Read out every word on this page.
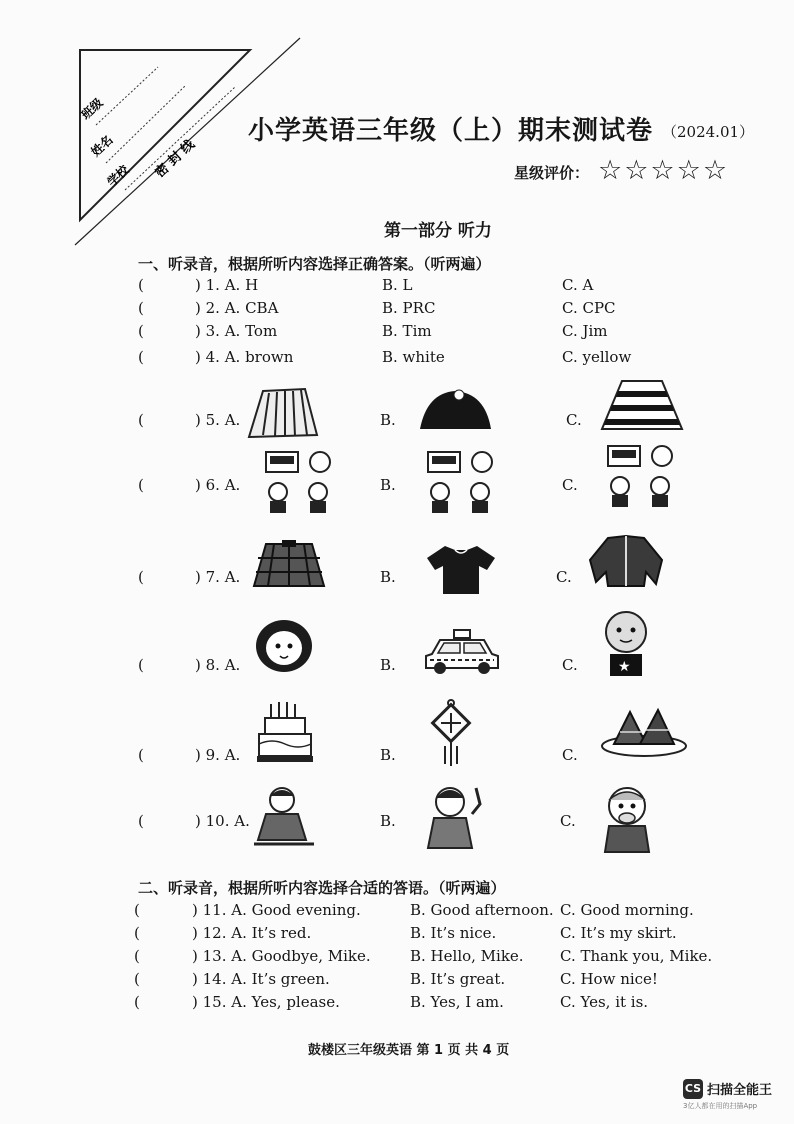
班级
姓名
学校 密 封 线
小学英语三年级（上）期末测试卷 （2024.01）
星级评价： ☆☆☆☆☆
第一部分 听力
一、听录音，根据所听内容选择正确答案。（听两遍）
(	) 1. A. H	B. L	C. A
(	) 2. A. CBA	B. PRC	C. CPC
(	) 3. A. Tom	B. Tim	C. Jim
(	) 4. A. brown	B. white	C. yellow
(	) 5. A.	B.	C.
(	) 6. A.	B.	C.
(	) 7. A.	B.	C.
(	) 8. A.	B.	C.	★
(	) 9. A.	B.	C.
(	) 10. A.	B.	C.
二、听录音，根据所听内容选择合适的答语。（听两遍）
(	) 11. A. Good evening.	B. Good afternoon. C. Good morning.
(	) 12. A. It’s red.	B. It’s nice.	C. It’s my skirt.
(	) 13. A. Goodbye, Mike.	B. Hello, Mike. C. Thank you, Mike.
(	) 14. A. It’s green.	B. It’s great.	C. How nice!
(	) 15. A. Yes, please.	B. Yes, I am.	C. Yes, it is.
鼓楼区三年级英语 第 1 页 共 4 页
CS 扫描全能王
3亿人都在用的扫描App
